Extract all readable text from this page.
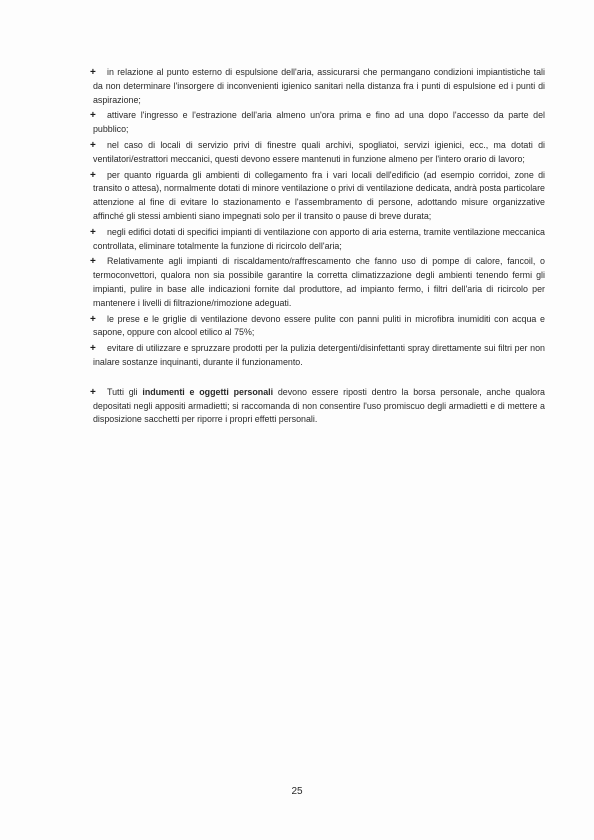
+	in relazione al punto esterno di espulsione dell'aria, assicurarsi che permangano condizioni impiantistiche tali da non determinare l'insorgere di inconvenienti igienico sanitari nella distanza fra i punti di espulsione ed i punti di aspirazione;

+	attivare l'ingresso e l'estrazione dell'aria almeno un'ora prima e fino ad una dopo l'accesso da parte del pubblico;

+	nel caso di locali di servizio privi di finestre quali archivi, spogliatoi, servizi igienici, ecc., ma dotati di ventilatori/estrattori meccanici, questi devono essere mantenuti in funzione almeno per l'intero orario di lavoro;

+	per quanto riguarda gli ambienti di collegamento fra i vari locali dell'edificio (ad esempio corridoi, zone di transito o attesa), normalmente dotati di minore ventilazione o privi di ventilazione dedicata, andrà posta particolare attenzione al fine di evitare lo stazionamento e l'assembramento di persone, adottando misure organizzative affinché gli stessi ambienti siano impegnati solo per il transito o pause di breve durata;

+	negli edifici dotati di specifici impianti di ventilazione con apporto di aria esterna, tramite ventilazione meccanica controllata, eliminare totalmente la funzione di ricircolo dell'aria;

+	Relativamente agli impianti di riscaldamento/raffrescamento che fanno uso di pompe di calore, fancoil, o termoconvettori, qualora non sia possibile garantire la corretta climatizzazione degli ambienti tenendo fermi gli impianti, pulire in base alle indicazioni fornite dal produttore, ad impianto fermo, i filtri dell'aria di ricircolo per mantenere i livelli di filtrazione/rimozione adeguati.

+	le prese e le griglie di ventilazione devono essere pulite con panni puliti in microfibra inumiditi con acqua e sapone, oppure con alcool etilico al 75%;

+	evitare di utilizzare e spruzzare prodotti per la pulizia detergenti/disinfettanti spray direttamente sui filtri per non inalare sostanze inquinanti, durante il funzionamento.

+	Tutti gli indumenti e oggetti personali devono essere riposti dentro la borsa personale, anche qualora depositati negli appositi armadietti; si raccomanda di non consentire l'uso promiscuo degli armadietti e di mettere a disposizione sacchetti per riporre i propri effetti personali.

25
